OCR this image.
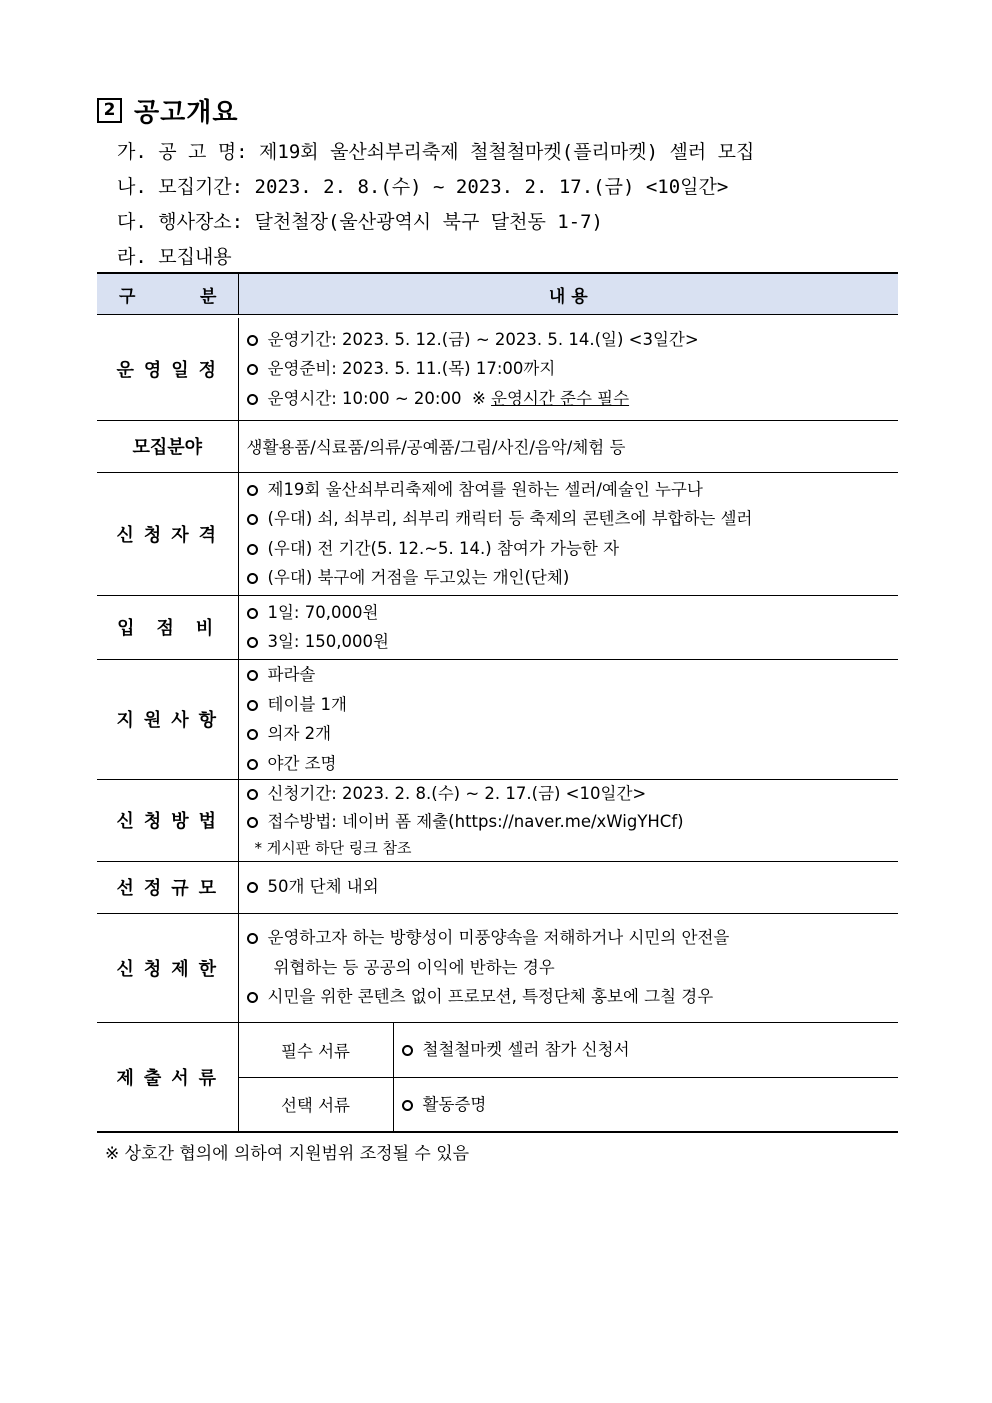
2 공고개요
가. 공 고 명: 제19회 울산쇠부리축제 철철철마켓(플리마켓) 셀러 모집
나. 모집기간: 2023. 2. 8.(수) ~ 2023. 2. 17.(금) <10일간>
다. 행사장소: 달천철장(울산광역시 북구 달천동 1-7)
라. 모집내용
구 분	내 용	

운영일정	운영기간: 2023. 5. 12.(금) ~ 2023. 5. 14.(일) <3일간>
운영준비: 2023. 5. 11.(목) 17:00까지
운영시간: 10:00 ~ 20:00  ※ 운영시간 준수 필수	

모집분야	생활용품/식료품/의류/공예품/그림/사진/음악/체험 등	
신청자격	제19회 울산쇠부리축제에 참여를 원하는 셀러/예술인 누구나
(우대) 쇠, 쇠부리, 쇠부리 캐릭터 등 축제의 콘텐츠에 부합하는 셀러
(우대) 전 기간(5. 12.~5. 14.) 참여가 가능한 자
(우대) 북구에 거점을 두고있는 개인(단체)	

입점비	1일: 70,000원
3일: 150,000원	

지원사항	파라솔
테이블 1개
의자 2개
야간 조명	

신청방법	신청기간: 2023. 2. 8.(수) ~ 2. 17.(금) <10일간>
접수방법: 네이버 폼 제출(https://naver.me/xWigYHCf)
* 게시판 하단 링크 참조	

선정규모	50개 단체 내외	

신청제한	운영하고자 하는 방향성이 미풍양속을 저해하거나 시민의 안전을
위협하는 등 공공의 이익에 반하는 경우
시민을 위한 콘텐츠 없이 프로모션, 특정단체 홍보에 그칠 경우	

제출서류	필수 서류	철철철마켓 셀러 참가 신청서

	선택 서류	활동증명
※ 상호간 협의에 의하여 지원범위 조정될 수 있음
